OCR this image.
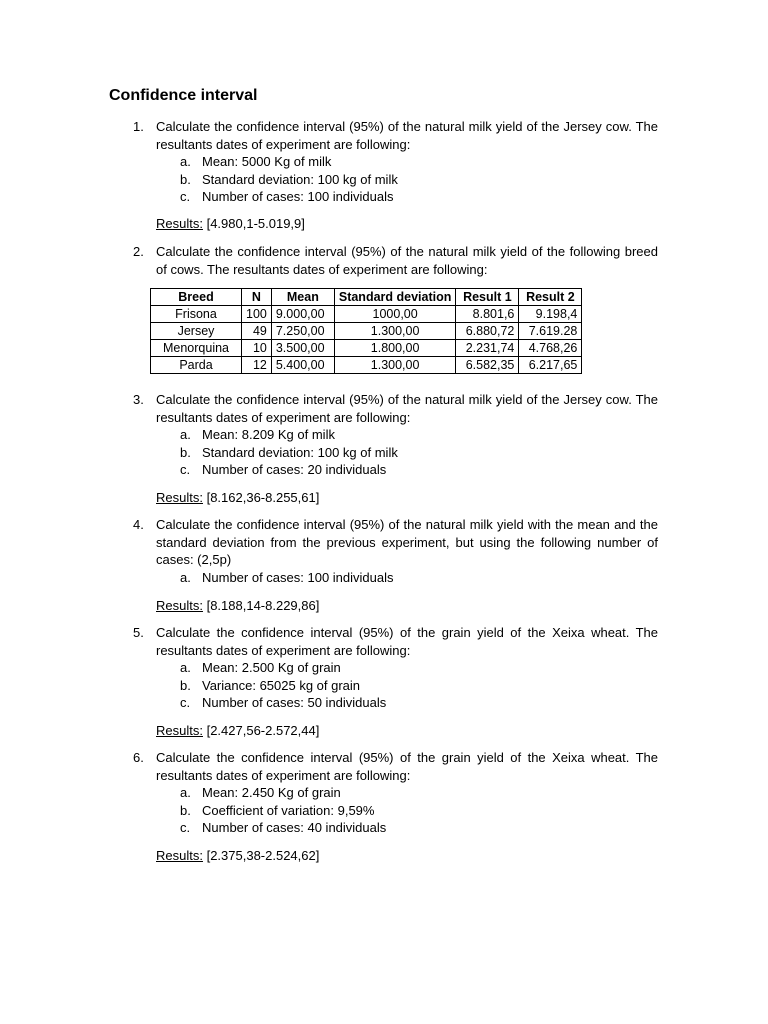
Confidence interval
1. Calculate the confidence interval (95%) of the natural milk yield of the Jersey cow. The resultants dates of experiment are following:
a. Mean: 5000 Kg of milk
b. Standard deviation: 100 kg of milk
c. Number of cases: 100 individuals
Results: [4.980,1-5.019,9]
2. Calculate the confidence interval (95%) of the natural milk yield of the following breed of cows. The resultants dates of experiment are following:
Breed	N	Mean	Standard deviation	Result 1	Result 2
Frisona	100	9.000,00	1000,00	8.801,6	9.198,4
Jersey	49	7.250,00	1.300,00	6.880,72	7.619.28
Menorquina	10	3.500,00	1.800,00	2.231,74	4.768,26
Parda	12	5.400,00	1.300,00	6.582,35	6.217,65
3. Calculate the confidence interval (95%) of the natural milk yield of the Jersey cow. The resultants dates of experiment are following:
a. Mean: 8.209 Kg of milk
b. Standard deviation: 100 kg of milk
c. Number of cases: 20 individuals
Results: [8.162,36-8.255,61]
4. Calculate the confidence interval (95%) of the natural milk yield with the mean and the standard deviation from the previous experiment, but using the following number of cases: (2,5p)
a. Number of cases: 100 individuals
Results: [8.188,14-8.229,86]
5. Calculate the confidence interval (95%) of the grain yield of the Xeixa wheat. The resultants dates of experiment are following:
a. Mean: 2.500 Kg of grain
b. Variance: 65025 kg of grain
c. Number of cases: 50 individuals
Results: [2.427,56-2.572,44]
6. Calculate the confidence interval (95%) of the grain yield of the Xeixa wheat. The resultants dates of experiment are following:
a. Mean: 2.450 Kg of grain
b. Coefficient of variation: 9,59%
c. Number of cases: 40 individuals
Results: [2.375,38-2.524,62]
